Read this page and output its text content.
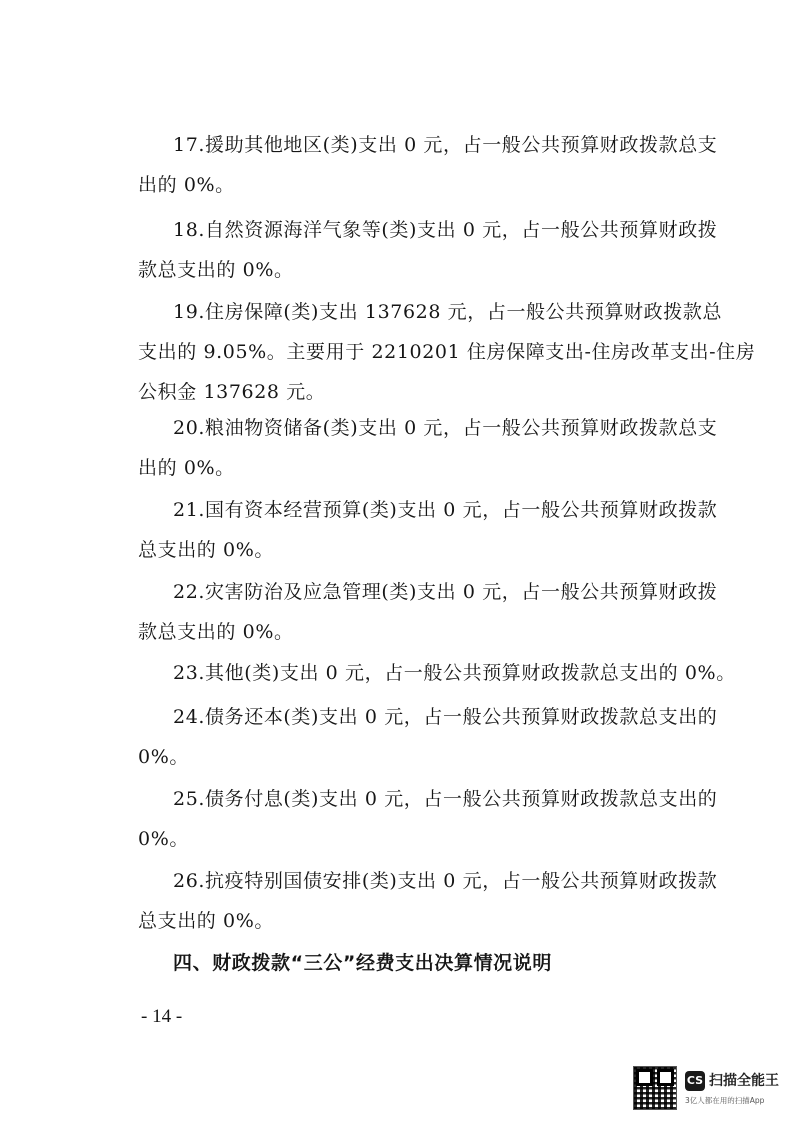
17.援助其他地区(类)支出 0 元，占一般公共预算财政拨款总支
出的 0%。

18.自然资源海洋气象等(类)支出 0 元，占一般公共预算财政拨
款总支出的 0%。

19.住房保障(类)支出 137628 元，占一般公共预算财政拨款总
支出的 9.05%。主要用于 2210201 住房保障支出-住房改革支出-住房
公积金 137628 元。

20.粮油物资储备(类)支出 0 元，占一般公共预算财政拨款总支
出的 0%。

21.国有资本经营预算(类)支出 0 元，占一般公共预算财政拨款
总支出的 0%。

22.灾害防治及应急管理(类)支出 0 元，占一般公共预算财政拨
款总支出的 0%。

23.其他(类)支出 0 元，占一般公共预算财政拨款总支出的 0%。

24.债务还本(类)支出 0 元，占一般公共预算财政拨款总支出的
0%。

25.债务付息(类)支出 0 元，占一般公共预算财政拨款总支出的
0%。

26.抗疫特别国债安排(类)支出 0 元，占一般公共预算财政拨款
总支出的 0%。

四、财政拨款“三公”经费支出决算情况说明
- 14 -
CS 扫描全能王
3亿人都在用的扫描App
